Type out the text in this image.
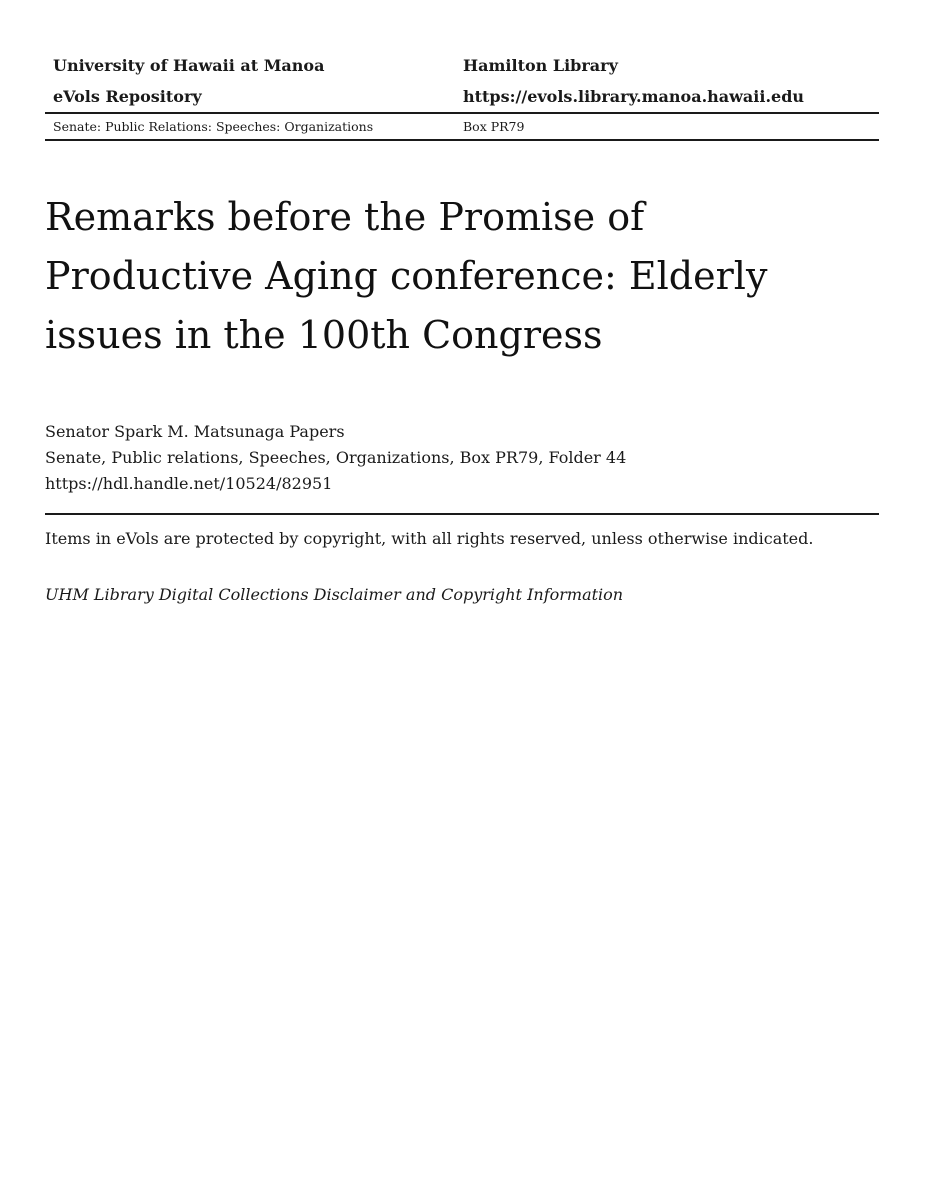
University of Hawaii at Manoa	Hamilton Library
eVols Repository	https://evols.library.manoa.hawaii.edu
Senate: Public Relations: Speeches: Organizations	Box PR79
Remarks before the Promise of
Productive Aging conference: Elderly
issues in the 100th Congress
Senator Spark M. Matsunaga Papers
Senate, Public relations, Speeches, Organizations, Box PR79, Folder 44
https://hdl.handle.net/10524/82951
Items in eVols are protected by copyright, with all rights reserved, unless otherwise indicated.
UHM Library Digital Collections Disclaimer and Copyright Information
